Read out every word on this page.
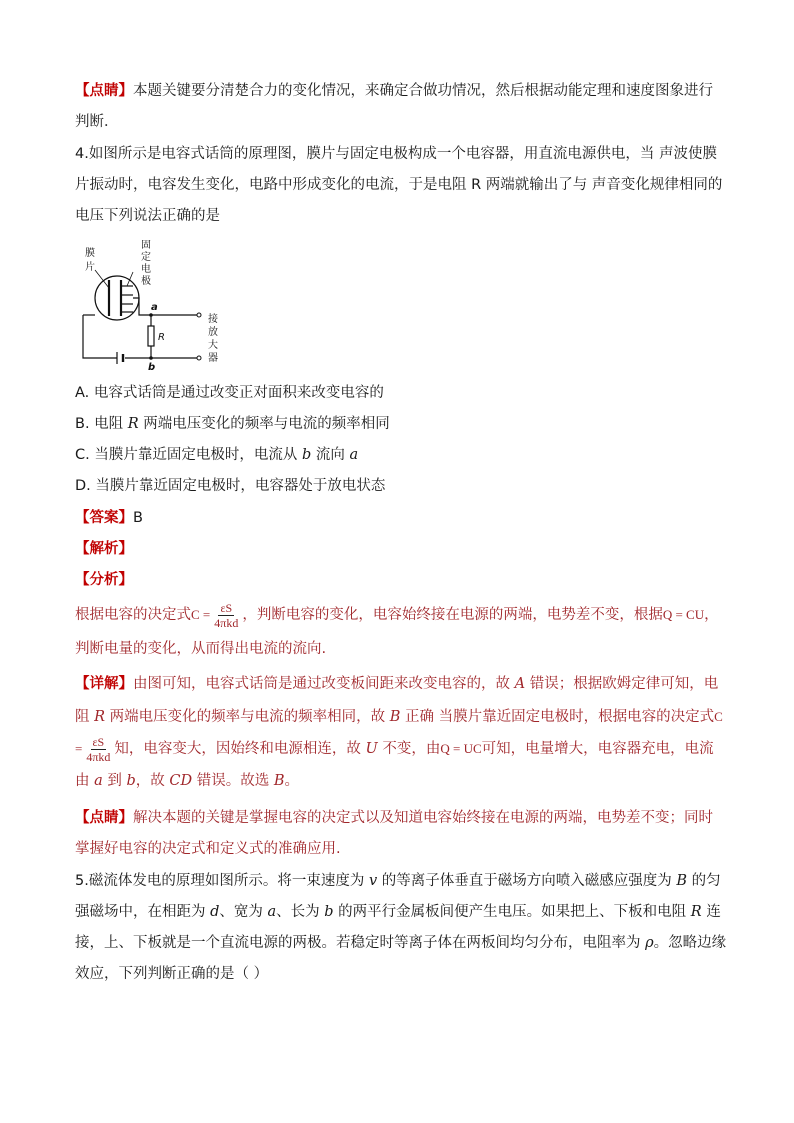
【点睛】本题关键要分清楚合力的变化情况，来确定合做功情况，然后根据动能定理和速度图象进行判断．

4.如图所示是电容式话筒的原理图，膜片与固定电极构成一个电容器，用直流电源供电，当 声波使膜片振动时，电容发生变化，电路中形成变化的电流，于是电阻 R 两端就输出了与 声音变化规律相同的电压下列说法正确的是

膜
片
固
定
电
极
a
R
b
接
放
大
器

A. 电容式话筒是通过改变正对面积来改变电容的

B. 电阻 R 两端电压变化的频率与电流的频率相同

C. 当膜片靠近固定电极时，电流从 b 流向 a

D. 当膜片靠近固定电极时，电容器处于放电状态

【答案】B

【解析】

【分析】

根据电容的决定式$C = \frac{\varepsilon S}{\text{4πkd}}$ ，判断电容的变化，电容始终接在电源的两端，电势差不变，根据Q = CU，判断电量的变化，从而得出电流的流向.

【详解】由图可知，电容式话筒是通过改变板间距来改变电容的，故 A 错误；根据欧姆定律可知，电阻 R 两端电压变化的频率与电流的频率相同，故 B 正确 当膜片靠近固定电极时，根据电容的决定式$C = \frac{\varepsilon S}{\text{4πkd}}$ 知，电容变大，因始终和电源相连，故 U 不变，由Q = UC可知，电量增大，电容器充电，电流由 a 到 b，故 CD 错误。故选 B。

【点睛】解决本题的关键是掌握电容的决定式以及知道电容始终接在电源的两端，电势差不变；同时掌握好电容的决定式和定义式的准确应用.

5.磁流体发电的原理如图所示。将一束速度为 v 的等离子体垂直于磁场方向喷入磁感应强度为 B 的匀强磁场中，在相距为 d、宽为 a、长为 b 的两平行金属板间便产生电压。如果把上、下板和电阻 R 连接，上、下板就是一个直流电源的两极。若稳定时等离子体在两板间均匀分布，电阻率为 ρ。忽略边缘效应，下列判断正确的是（ ）
